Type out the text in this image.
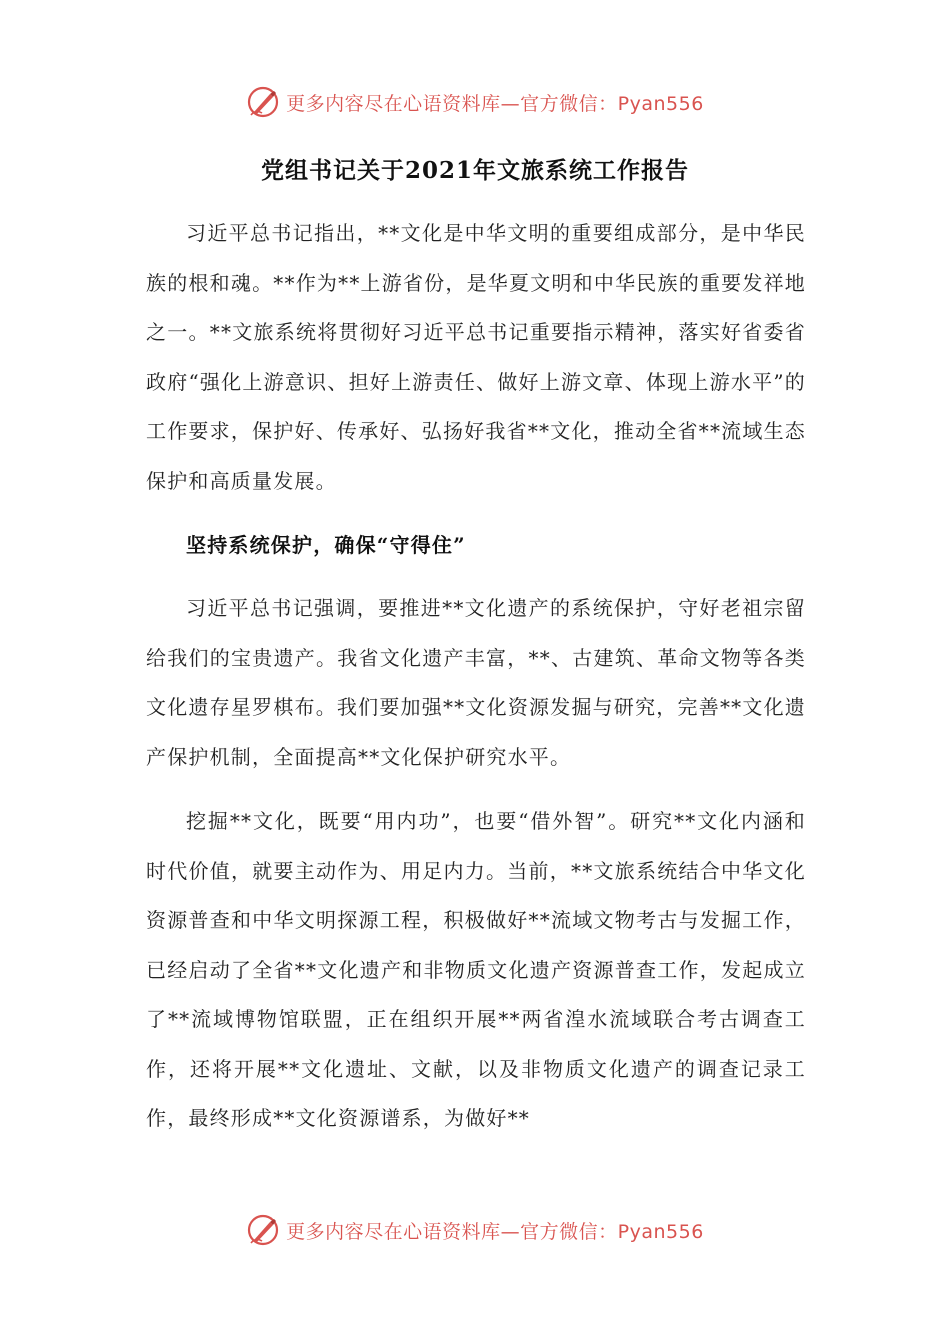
更多内容尽在心语资料库—官方微信：Pyan556
党组书记关于2021年文旅系统工作报告

习近平总书记指出，**文化是中华文明的重要组成部分，是中华民族的根和魂。**作为**上游省份，是华夏文明和中华民族的重要发祥地之一。**文旅系统将贯彻好习近平总书记重要指示精神，落实好省委省政府“强化上游意识、担好上游责任、做好上游文章、体现上游水平”的工作要求，保护好、传承好、弘扬好我省**文化，推动全省**流域生态保护和高质量发展。

坚持系统保护，确保“守得住”

习近平总书记强调，要推进**文化遗产的系统保护，守好老祖宗留给我们的宝贵遗产。我省文化遗产丰富，**、古建筑、革命文物等各类文化遗存星罗棋布。我们要加强**文化资源发掘与研究，完善**文化遗产保护机制，全面提高**文化保护研究水平。

挖掘**文化，既要“用内功”，也要“借外智”。研究**文化内涵和时代价值，就要主动作为、用足内力。当前，**文旅系统结合中华文化资源普查和中华文明探源工程，积极做好**流域文物考古与发掘工作，已经启动了全省**文化遗产和非物质文化遗产资源普查工作，发起成立了**流域博物馆联盟，正在组织开展**两省湟水流域联合考古调查工作，还将开展**文化遗址、文献，以及非物质文化遗产的调查记录工作，最终形成**文化资源谱系，为做好**

更多内容尽在心语资料库—官方微信：Pyan556
